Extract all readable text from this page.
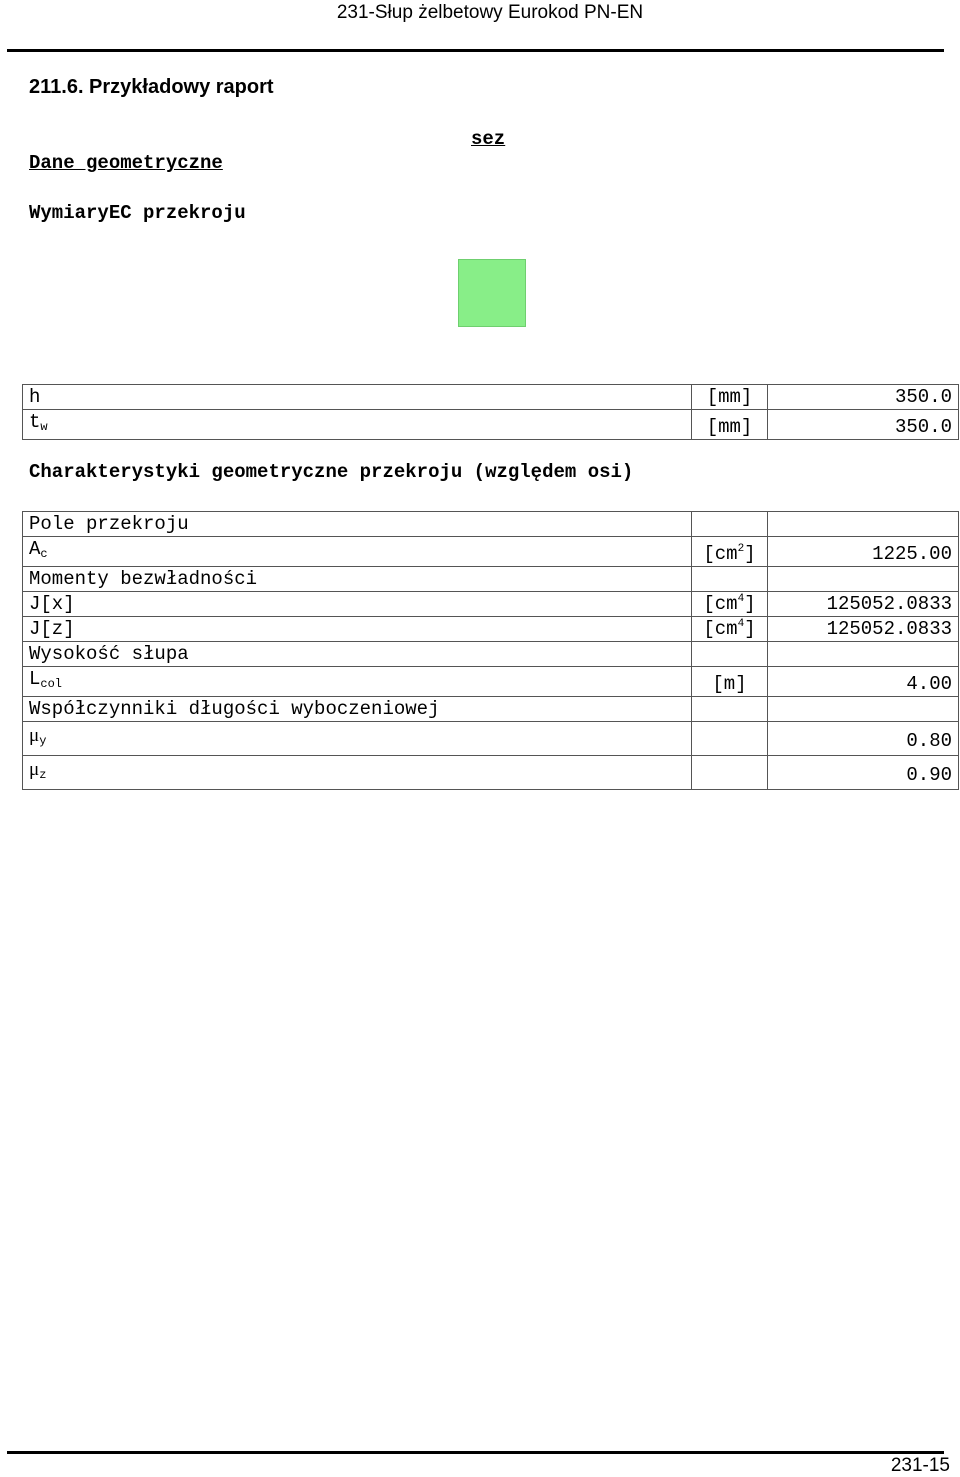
231-Słup żelbetowy Eurokod PN-EN
211.6. Przykładowy raport
Dane geometryczne
sez
WymiaryEC przekroju
h	[mm]	350.0
$t_w$	[mm]	350.0
Charakterystyki geometryczne przekroju (względem osi)
Pole przekroju		
$A_c$	$[cm^2]$	1225.00
Momenty bezwładności		
J[x]	$[cm^4]$	125052.0833
J[z]	$[cm^4]$	125052.0833
Wysokość słupa		
$L_{col}$	[m]	4.00
Współczynniki długości wyboczeniowej		
$\mu_y$		0.80
$\mu_z$		0.90
231-15
